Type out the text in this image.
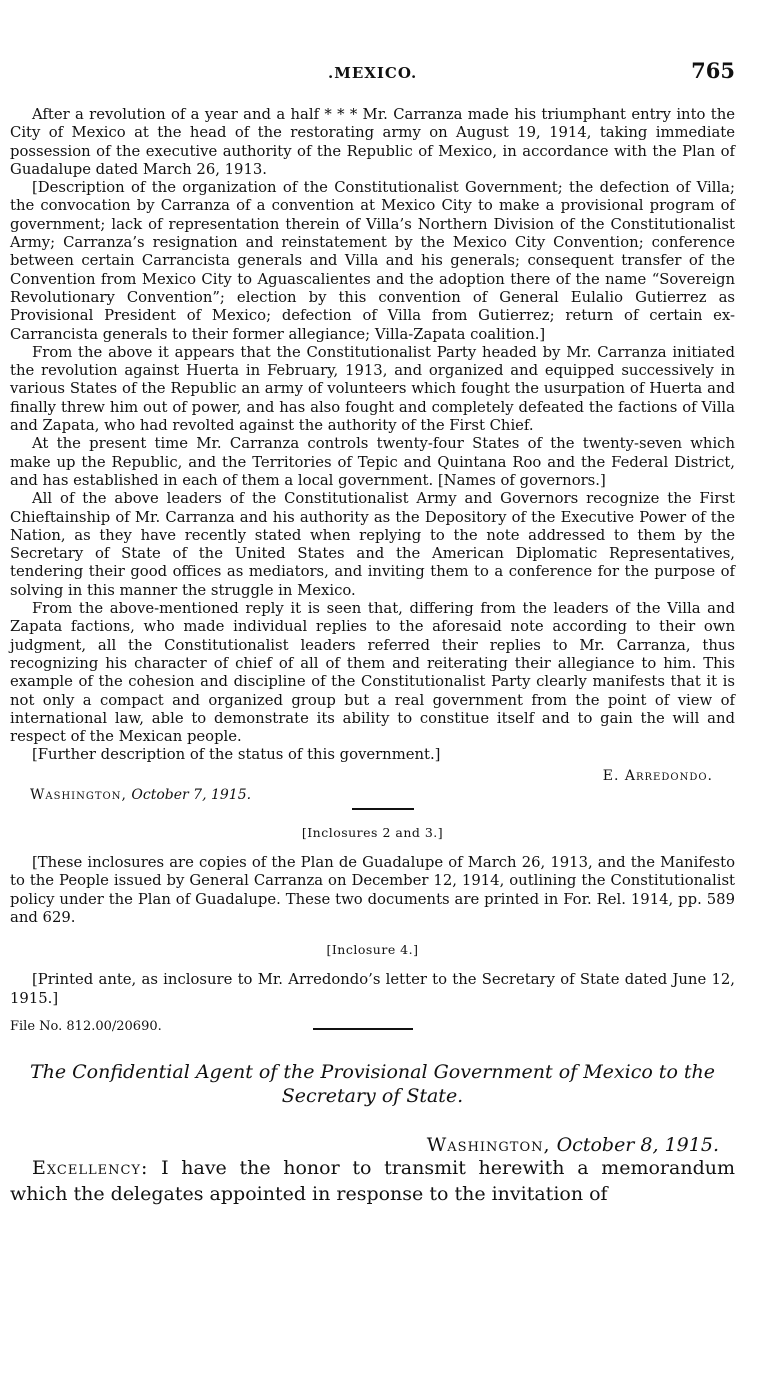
.MEXICO.	765

After a revolution of a year and a half * * * Mr. Carranza made his triumphant entry into the City of Mexico at the head of the restorating army on August 19, 1914, taking immediate possession of the executive authority of the Republic of Mexico, in accordance with the Plan of Guadalupe dated March 26, 1913.

[Description of the organization of the Constitutionalist Government; the defection of Villa; the convocation by Carranza of a convention at Mexico City to make a provisional program of government; lack of representation therein of Villa’s Northern Division of the Constitutionalist Army; Carranza’s resignation and reinstatement by the Mexico City Convention; conference between certain Carrancista generals and Villa and his generals; consequent transfer of the Convention from Mexico City to Aguascalientes and the adoption there of the name “Sovereign Revolutionary Convention”; election by this convention of General Eulalio Gutierrez as Provisional President of Mexico; defection of Villa from Gutierrez; return of certain ex-Carrancista generals to their former allegiance; Villa-Zapata coalition.]

From the above it appears that the Constitutionalist Party headed by Mr. Carranza initiated the revolution against Huerta in February, 1913, and organized and equipped successively in various States of the Republic an army of volunteers which fought the usurpation of Huerta and finally threw him out of power, and has also fought and completely defeated the factions of Villa and Zapata, who had revolted against the authority of the First Chief.

At the present time Mr. Carranza controls twenty-four States of the twenty-seven which make up the Republic, and the Territories of Tepic and Quintana Roo and the Federal District, and has established in each of them a local government. [Names of governors.]

All of the above leaders of the Constitutionalist Army and Governors recognize the First Chieftainship of Mr. Carranza and his authority as the Depository of the Executive Power of the Nation, as they have recently stated when replying to the note addressed to them by the Secretary of State of the United States and the American Diplomatic Representatives, tendering their good offices as mediators, and inviting them to a conference for the purpose of solving in this manner the struggle in Mexico.

From the above-mentioned reply it is seen that, differing from the leaders of the Villa and Zapata factions, who made individual replies to the aforesaid note according to their own judgment, all the Constitutionalist leaders referred their replies to Mr. Carranza, thus recognizing his character of chief of all of them and reiterating their allegiance to him. This example of the cohesion and discipline of the Constitutionalist Party clearly manifests that it is not only a compact and organized group but a real government from the point of view of international law, able to demonstrate its ability to constitue itself and to gain the will and respect of the Mexican people.

[Further description of the status of this government.]

E. Arredondo.
Washington, October 7, 1915.
[Inclosures 2 and 3.]

[These inclosures are copies of the Plan de Guadalupe of March 26, 1913, and the Manifesto to the People issued by General Carranza on December 12, 1914, outlining the Constitutionalist policy under the Plan of Guadalupe. These two documents are printed in For. Rel. 1914, pp. 589 and 629.

[Inclosure 4.]

[Printed ante, as inclosure to Mr. Arredondo’s letter to the Secretary of State dated June 12, 1915.]

File No. 812.00/20690.
The Confidential Agent of the Provisional Government of Mexico to the Secretary of State.
Washington, October 8, 1915.

Excellency: I have the honor to transmit herewith a memorandum which the delegates appointed in response to the invitation of
